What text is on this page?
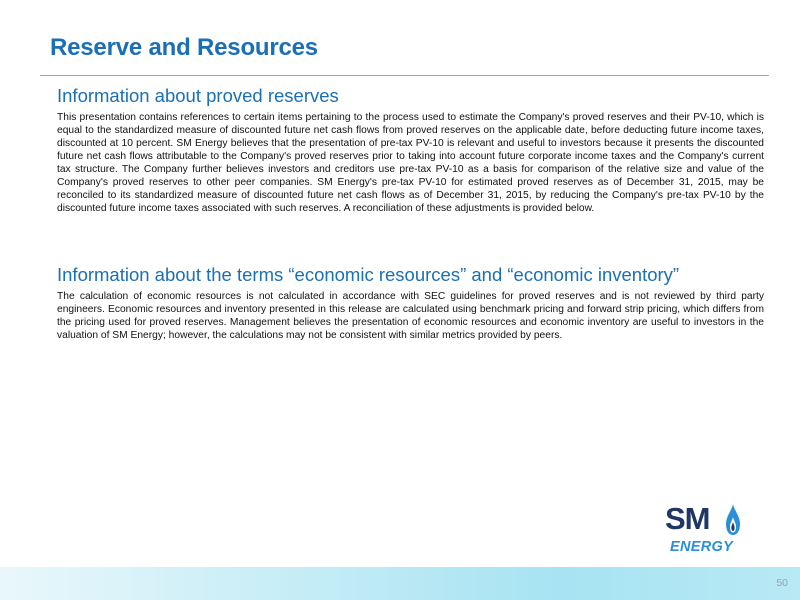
Reserve and Resources
Information about proved reserves

This presentation contains references to certain items pertaining to the process used to estimate the Company's proved reserves and their PV-10, which is equal to the standardized measure of discounted future net cash flows from proved reserves on the applicable date, before deducting future income taxes, discounted at 10 percent. SM Energy believes that the presentation of pre-tax PV-10 is relevant and useful to investors because it presents the discounted future net cash flows attributable to the Company's proved reserves prior to taking into account future corporate income taxes and the Company's current tax structure. The Company further believes investors and creditors use pre-tax PV-10 as a basis for comparison of the relative size and value of the Company's proved reserves to other peer companies. SM Energy's pre-tax PV-10 for estimated proved reserves as of December 31, 2015, may be reconciled to its standardized measure of discounted future net cash flows as of December 31, 2015, by reducing the Company's pre-tax PV-10 by the discounted future income taxes associated with such reserves. A reconciliation of these adjustments is provided below.

Information about the terms “economic resources” and “economic inventory”

The calculation of economic resources is not calculated in accordance with SEC guidelines for proved reserves and is not reviewed by third party engineers. Economic resources and inventory presented in this release are calculated using benchmark pricing and forward strip pricing, which differs from the pricing used for proved reserves. Management believes the presentation of economic resources and economic inventory are useful to investors in the valuation of SM Energy; however, the calculations may not be consistent with similar metrics provided by peers.

SM
ENERGY
50
